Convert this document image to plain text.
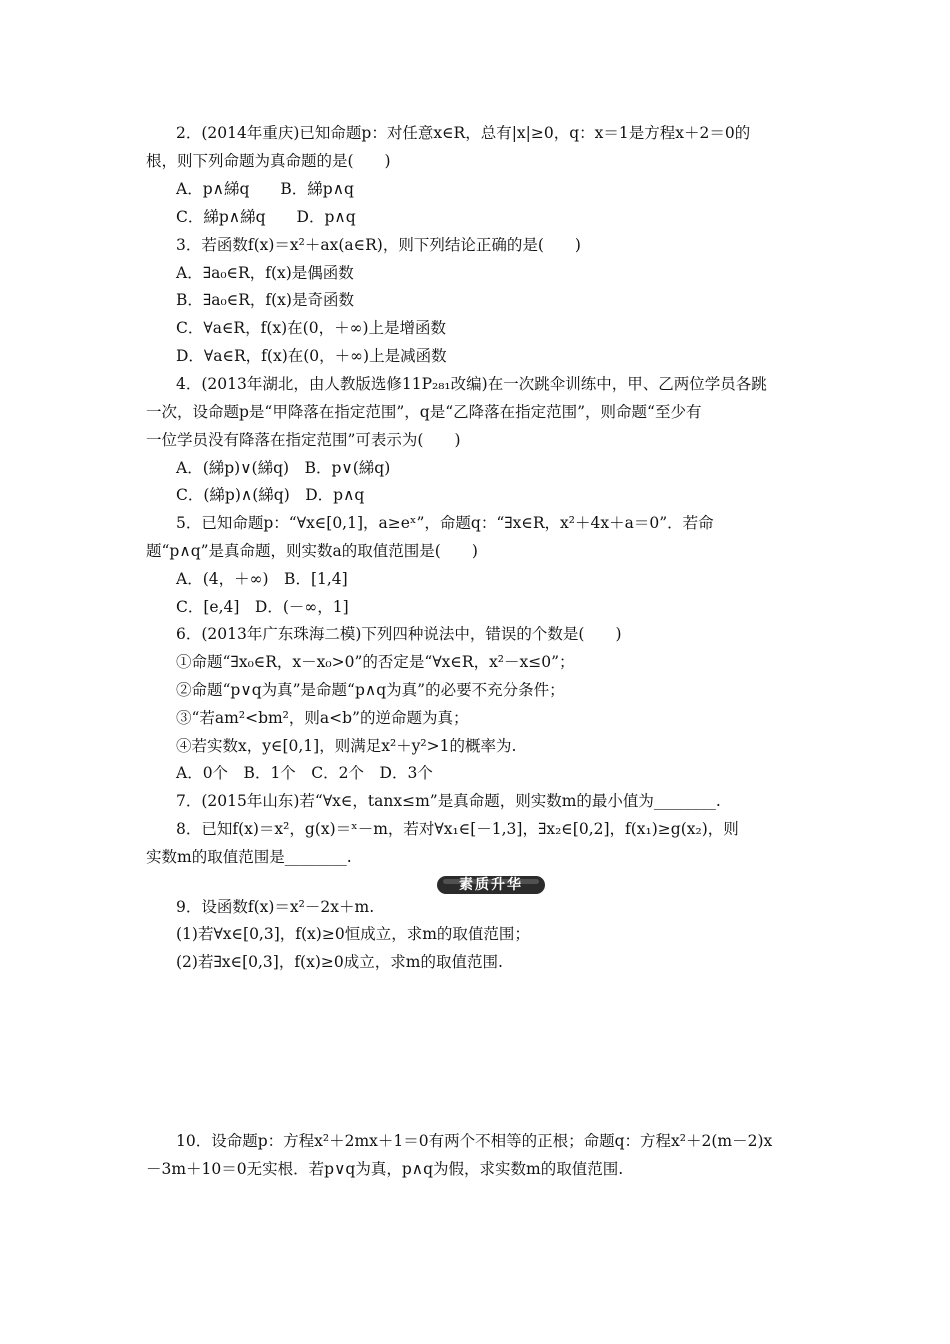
2．(2014年重庆)已知命题p：对任意x∈R，总有|x|≥0，q：x＝1是方程x＋2＝0的
根，则下列命题为真命题的是(　　)
A．p∧綈q　　B．綈p∧q
C．綈p∧綈q　　D．p∧q
3．若函数f(x)＝x²＋ax(a∈R)，则下列结论正确的是(　　)
A．∃a₀∈R，f(x)是偶函数
B．∃a₀∈R，f(x)是奇函数
C．∀a∈R，f(x)在(0，＋∞)上是增函数
D．∀a∈R，f(x)在(0，＋∞)上是减函数
4．(2013年湖北，由人教版选修11P₂₈₁改编)在一次跳伞训练中，甲、乙两位学员各跳
一次，设命题p是“甲降落在指定范围”，q是“乙降落在指定范围”，则命题“至少有
一位学员没有降落在指定范围”可表示为(　　)
A．(綈p)∨(綈q)　B．p∨(綈q)
C．(綈p)∧(綈q)　D．p∧q
5．已知命题p：“∀x∈[0,1]，a≥eˣ”，命题q：“∃x∈R，x²＋4x＋a＝0”．若命
题“p∧q”是真命题，则实数a的取值范围是(　　)
A．(4，＋∞)　B．[1,4]
C．[e,4]　D．(－∞，1]
6．(2013年广东珠海二模)下列四种说法中，错误的个数是(　　)
①命题“∃x₀∈R，x－x₀>0”的否定是“∀x∈R，x²－x≤0”；
②命题“p∨q为真”是命题“p∧q为真”的必要不充分条件；
③“若am²<bm²，则a<b”的逆命题为真；
④若实数x，y∈[0,1]，则满足x²＋y²>1的概率为.
A．0个　B．1个　C．2个　D．3个
7．(2015年山东)若“∀x∈，tanx≤m”是真命题，则实数m的最小值为________.
8．已知f(x)＝x²，g(x)＝ˣ－m，若对∀x₁∈[－1,3]，∃x₂∈[0,2]，f(x₁)≥g(x₂)，则
实数m的取值范围是________.
素质升华
9．设函数f(x)＝x²－2x＋m.
(1)若∀x∈[0,3]，f(x)≥0恒成立，求m的取值范围；
(2)若∃x∈[0,3]，f(x)≥0成立，求m的取值范围.
10．设命题p：方程x²＋2mx＋1＝0有两个不相等的正根；命题q：方程x²＋2(m－2)x
－3m＋10＝0无实根．若p∨q为真，p∧q为假，求实数m的取值范围.
